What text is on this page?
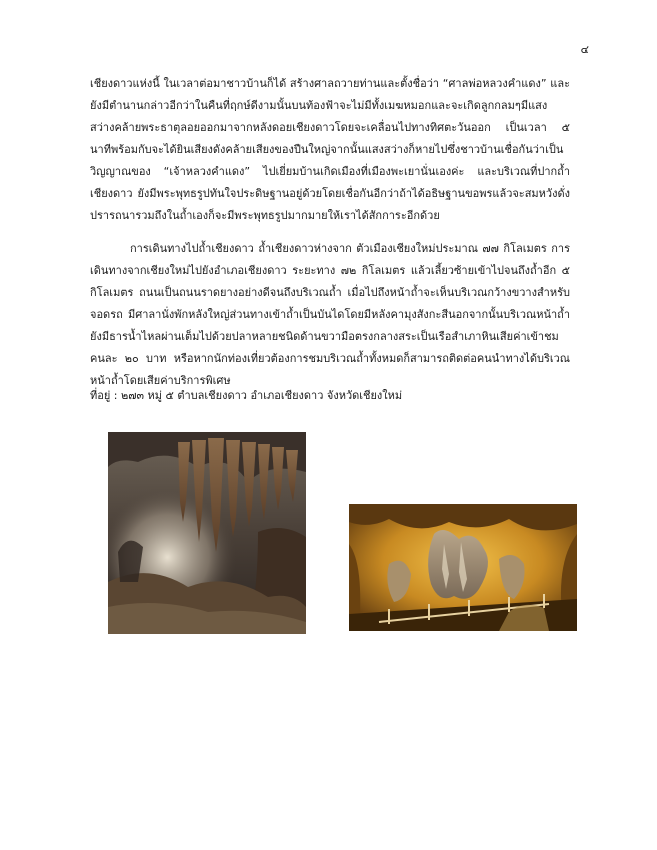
๔
เชียงดาวแห่งนี้ ในเวลาต่อมาชาวบ้านก็ได้ สร้างศาลถวายท่านและตั้งชื่อว่า “ศาลพ่อหลวงคำแดง” และยังมีตำนานกล่าวอีกว่าในคืนที่ฤกษ์ดีงามนั้นบนท้องฟ้าจะไม่มีทั้งเมฆหมอกและจะเกิดลูกกลมๆมีแสงสว่างคล้ายพระธาตุลอยออกมาจากหลังดอยเชียงดาวโดยจะเคลื่อนไปทางทิศตะวันออก เป็นเวลา ๕ นาทีพร้อมกับจะได้ยินเสียงดังคล้ายเสียงของปืนใหญ่จากนั้นแสงสว่างก็หายไปซึ่งชาวบ้านเชื่อกันว่าเป็นวิญญาณของ “เจ้าหลวงคำแดง” ไปเยี่ยมบ้านเกิดเมืองที่เมืองพะเยานั่นเองค่ะ และบริเวณที่ปากถ้ำเชียงดาว ยังมีพระพุทธรูปทันใจประดิษฐานอยู่ด้วยโดยเชื่อกันอีกว่าถ้าได้อธิษฐานขอพรแล้วจะสมหวังดั่งปรารถนารวมถึงในถ้ำเองก็จะมีพระพุทธรูปมากมายให้เราได้สักการะอีกด้วย
การเดินทางไปถ้ำเชียงดาว ถ้ำเชียงดาวห่างจาก ตัวเมืองเชียงใหม่ประมาณ ๗๗ กิโลเมตร การเดินทางจากเชียงใหม่ไปยังอำเภอเชียงดาว ระยะทาง ๗๒ กิโลเมตร แล้วเลี้ยวซ้ายเข้าไปจนถึงถ้ำอีก ๕ กิโลเมตร ถนนเป็นถนนราดยางอย่างดีจนถึงบริเวณถ้ำ เมื่อไปถึงหน้าถ้ำจะเห็นบริเวณกว้างขวางสำหรับจอดรถ มีศาลานั่งพักหลังใหญ่ส่วนทางเข้าถ้ำเป็นบันไดโดยมีหลังคามุงสังกะสีนอกจากนั้นบริเวณหน้าถ้ำยังมีธารน้ำไหลผ่านเต็มไปด้วยปลาหลายชนิดด้านขวามือตรงกลางสระเป็นเรือสำเภาหินเสียค่าเข้าชมคนละ ๒๐ บาท หรือหากนักท่องเที่ยวต้องการชมบริเวณถ้ำทั้งหมดก็สามารถติดต่อคนนำทางได้บริเวณหน้าถ้ำโดยเสียค่าบริการพิเศษ
ที่อยู่ : ๒๗๓ หมู่ ๕ ตำบลเชียงดาว อำเภอเชียงดาว จังหวัดเชียงใหม่
